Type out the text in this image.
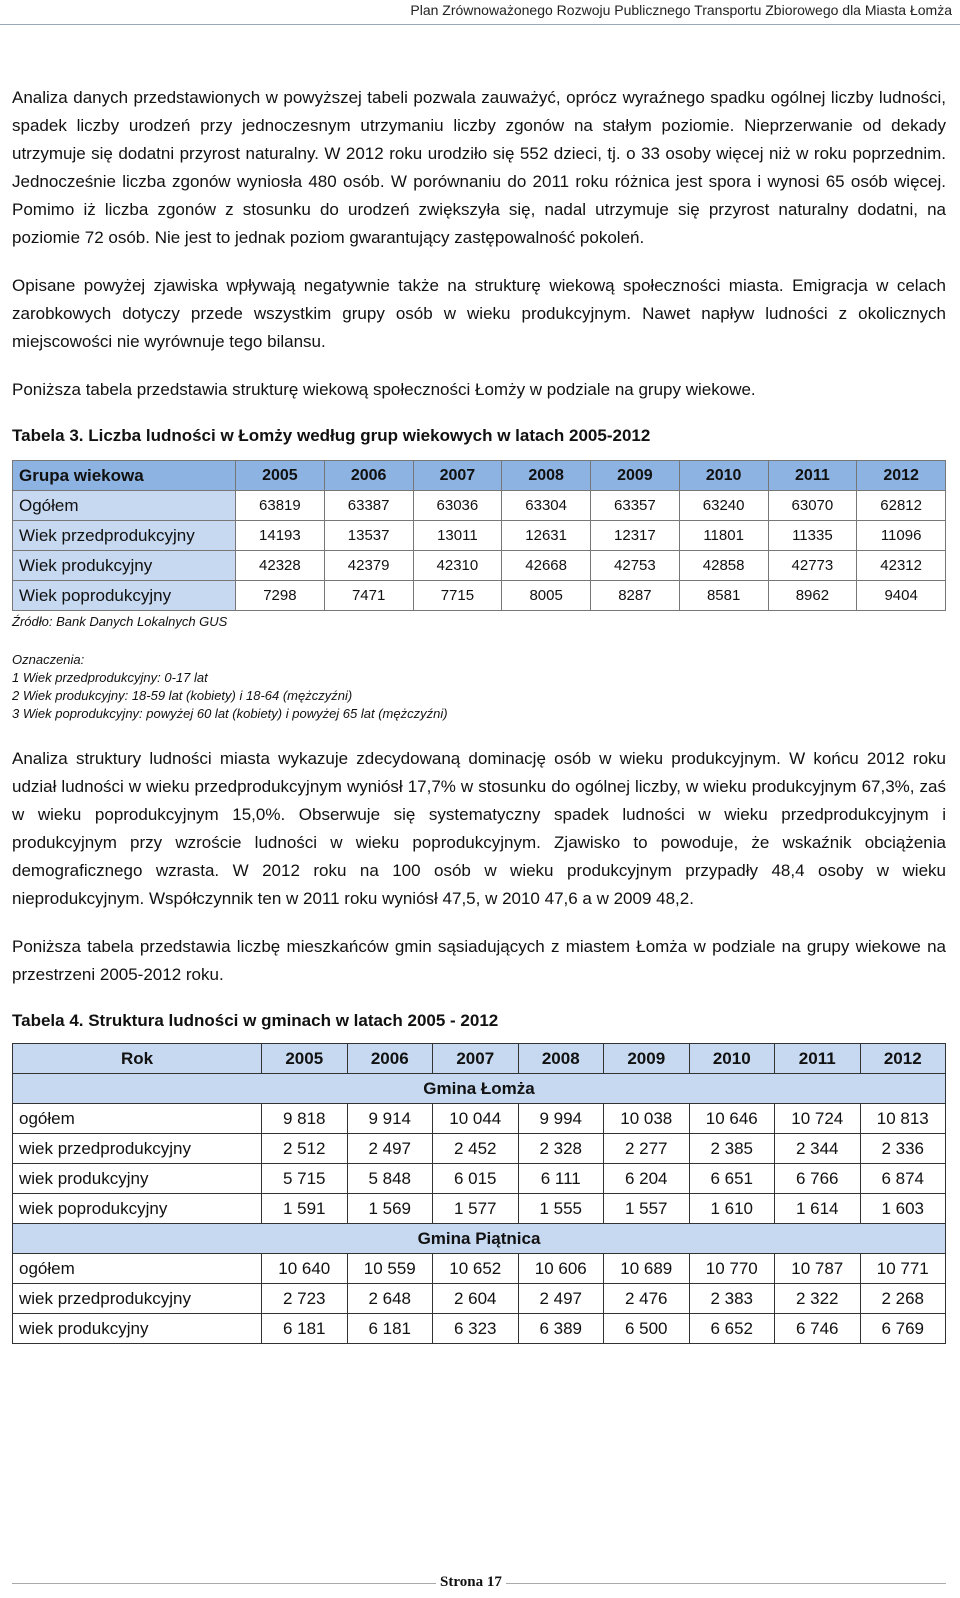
Plan Zrównoważonego Rozwoju Publicznego Transportu Zbiorowego dla Miasta Łomża

Analiza danych przedstawionych w powyższej tabeli pozwala zauważyć, oprócz wyraźnego spadku ogólnej liczby ludności, spadek liczby urodzeń przy jednoczesnym utrzymaniu liczby zgonów na stałym poziomie. Nieprzerwanie od dekady utrzymuje się dodatni przyrost naturalny. W 2012 roku urodziło się 552 dzieci, tj. o 33 osoby więcej niż w roku poprzednim. Jednocześnie liczba zgonów wyniosła 480 osób. W porównaniu do 2011 roku różnica jest spora i wynosi 65 osób więcej. Pomimo iż liczba zgonów z stosunku do urodzeń zwiększyła się, nadal utrzymuje się przyrost naturalny dodatni, na poziomie 72 osób. Nie jest to jednak poziom gwarantujący zastępowalność pokoleń.

Opisane powyżej zjawiska wpływają negatywnie także na strukturę wiekową społeczności miasta. Emigracja w celach zarobkowych dotyczy przede wszystkim grupy osób w wieku produkcyjnym. Nawet napływ ludności z okolicznych miejscowości nie wyrównuje tego bilansu.

Poniższa tabela przedstawia strukturę wiekową społeczności Łomży w podziale na grupy wiekowe.

Tabela 3. Liczba ludności w Łomży według grup wiekowych w latach 2005-2012

Grupa wiekowa	2005	2006	2007	2008	2009	2010	2011	2012
Ogółem	63819	63387	63036	63304	63357	63240	63070	62812
Wiek przedprodukcyjny	14193	13537	13011	12631	12317	11801	11335	11096
Wiek produkcyjny	42328	42379	42310	42668	42753	42858	42773	42312
Wiek poprodukcyjny	7298	7471	7715	8005	8287	8581	8962	9404

Źródło: Bank Danych Lokalnych GUS

Oznaczenia:
1 Wiek przedprodukcyjny: 0-17 lat
2 Wiek produkcyjny: 18-59 lat (kobiety) i 18-64 (mężczyźni)
3 Wiek poprodukcyjny: powyżej 60 lat (kobiety) i powyżej 65 lat (mężczyźni)

Analiza struktury ludności miasta wykazuje zdecydowaną dominację osób w wieku produkcyjnym. W końcu 2012 roku udział ludności w wieku przedprodukcyjnym wyniósł 17,7% w stosunku do ogólnej liczby, w wieku produkcyjnym 67,3%, zaś w wieku poprodukcyjnym 15,0%. Obserwuje się systematyczny spadek ludności w wieku przedprodukcyjnym i produkcyjnym przy wzroście ludności w wieku poprodukcyjnym. Zjawisko to powoduje, że wskaźnik obciążenia demograficznego wzrasta. W 2012 roku na 100 osób w wieku produkcyjnym przypadły 48,4 osoby w wieku nieprodukcyjnym. Współczynnik ten w 2011 roku wyniósł 47,5, w 2010 47,6 a w 2009 48,2.

Poniższa tabela przedstawia liczbę mieszkańców gmin sąsiadujących z miastem Łomża w podziale na grupy wiekowe na przestrzeni 2005-2012 roku.

Tabela 4. Struktura ludności w gminach w latach 2005 - 2012

Rok	2005	2006	2007	2008	2009	2010	2011	2012
Gmina Łomża								
ogółem	9 818	9 914	10 044	9 994	10 038	10 646	10 724	10 813
wiek przedprodukcyjny	2 512	2 497	2 452	2 328	2 277	2 385	2 344	2 336
wiek produkcyjny	5 715	5 848	6 015	6 111	6 204	6 651	6 766	6 874
wiek poprodukcyjny	1 591	1 569	1 577	1 555	1 557	1 610	1 614	1 603
Gmina Piątnica								
ogółem	10 640	10 559	10 652	10 606	10 689	10 770	10 787	10 771
wiek przedprodukcyjny	2 723	2 648	2 604	2 497	2 476	2 383	2 322	2 268
wiek produkcyjny	6 181	6 181	6 323	6 389	6 500	6 652	6 746	6 769
Strona 17
